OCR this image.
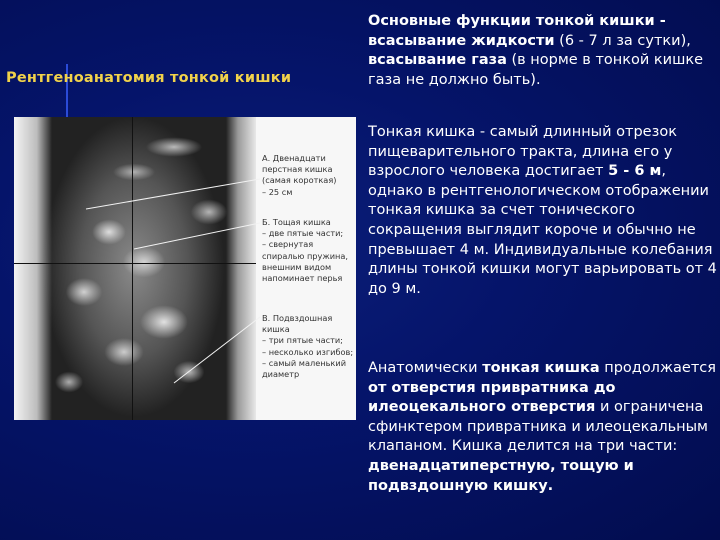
Рентгеноанатомия тонкой кишки
А. Двенадцати
перстная кишка
(самая короткая)
– 25 см
Б. Тощая кишка
– две пятые части;
– свернутая
спиралью пружина,
внешним видом
напоминает перья
В. Подвздошная
кишка
– три пятые части;
– несколько изгибов;
– самый маленький
диаметр
Основные функции тонкой кишки - всасывание жидкости (6 - 7 л за сутки), всасывание газа (в норме в тонкой кишке газа не должно быть).
Тонкая кишка - самый длинный отрезок пищеварительного тракта, длина его у взрослого человека достигает 5 - 6 м, однако в рентгенологическом отображении тонкая кишка за счет тонического сокращения выглядит короче и обычно не превышает 4 м. Индивидуальные колебания длины тонкой кишки могут варьировать от 4 до 9 м.
Анатомически тонкая кишка продолжается от отверстия привратника до илеоцекального отверстия и ограничена сфинктером привратника и илеоцекальным клапаном. Кишка делится на три части: двенадцатиперстную, тощую и подвздошную кишку.
